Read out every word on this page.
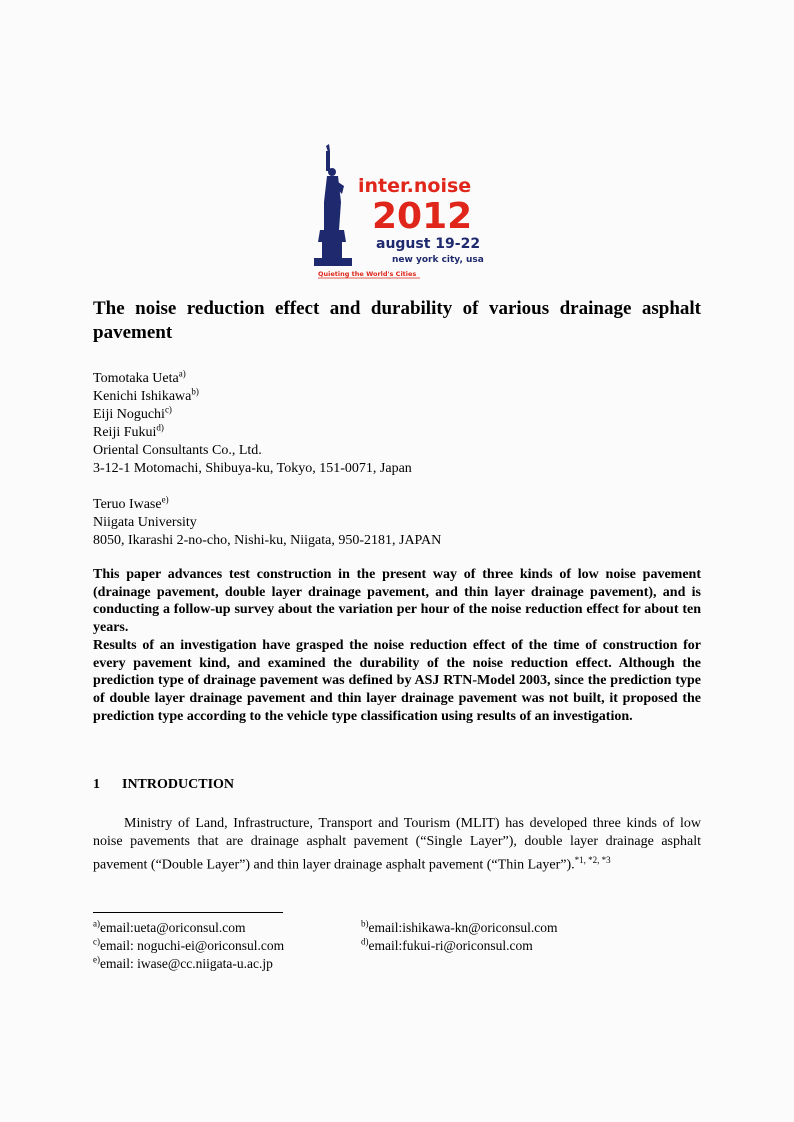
inter.noise
2012
august 19-22
new york city, usa
Quieting the World's Cities
The noise reduction effect and durability of various drainage asphalt pavement
Tomotaka Ueta$^{a)}$
Kenichi Ishikawa$^{b)}$
Eiji Noguchi$^{c)}$
Reiji Fukui$^{d)}$
Oriental Consultants Co., Ltd.
3-12-1 Motomachi, Shibuya-ku, Tokyo, 151-0071, Japan
Teruo Iwase$^{e)}$
Niigata University
8050, Ikarashi 2-no-cho, Nishi-ku, Niigata, 950-2181, JAPAN

This paper advances test construction in the present way of three kinds of low noise pavement (drainage pavement, double layer drainage pavement, and thin layer drainage pavement), and is conducting a follow-up survey about the variation per hour of the noise reduction effect for about ten years.

Results of an investigation have grasped the noise reduction effect of the time of construction for every pavement kind, and examined the durability of the noise reduction effect. Although the prediction type of drainage pavement was defined by ASJ RTN-Model 2003, since the prediction type of double layer drainage pavement and thin layer drainage pavement was not built, it proposed the prediction type according to the vehicle type classification using results of an investigation.

1 INTRODUCTION

Ministry of Land, Infrastructure, Transport and Tourism (MLIT) has developed three kinds of low noise pavements that are drainage asphalt pavement (“Single Layer”), double layer drainage asphalt pavement (“Double Layer”) and thin layer drainage asphalt pavement (“Thin Layer”).$^{*1, *2, *3}$

$^{a)}$email:ueta@oriconsul.com	$^{b)}$email:ishikawa-kn@oriconsul.com
$^{c)}$email: noguchi-ei@oriconsul.com	$^{d)}$email:fukui-ri@oriconsul.com
$^{e)}$email: iwase@cc.niigata-u.ac.jp
